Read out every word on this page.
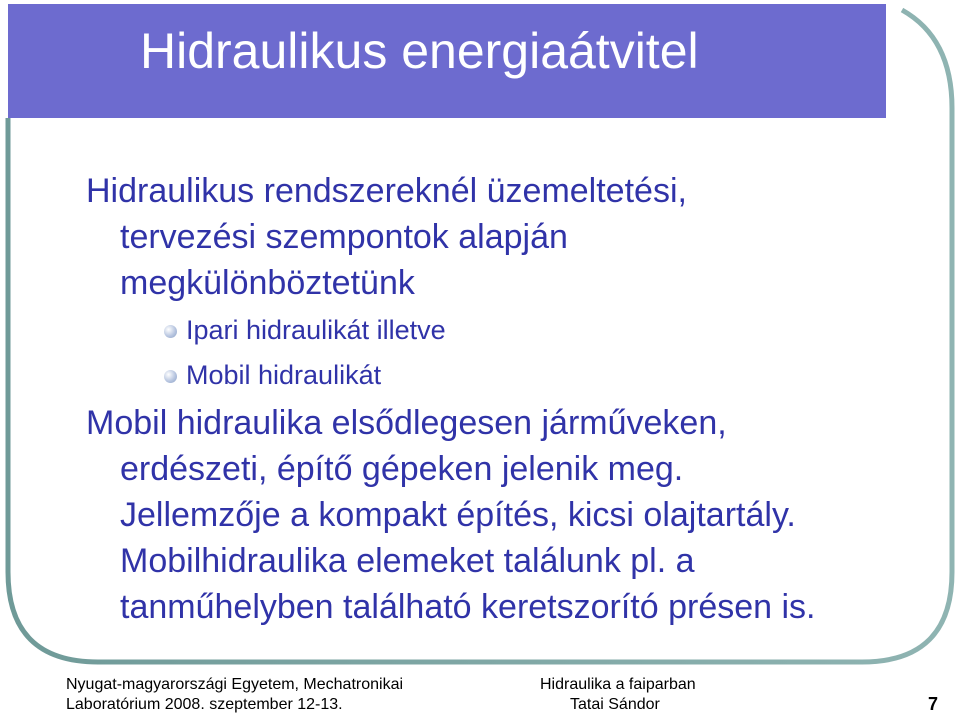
Hidraulikus energiaátvitel

Hidraulikus rendszereknél üzemeltetési,
tervezési szempontok alapján
megkülönböztetünk

Ipari hidraulikát illetve
Mobil hidraulikát

Mobil hidraulika elsődlegesen járműveken,
erdészeti, építő gépeken jelenik meg.
Jellemzője a kompakt építés, kicsi olajtartály.
Mobilhidraulika elemeket találunk pl. a
tanműhelyben található keretszorító présen is.

Nyugat-magyarországi Egyetem, Mechatronikai
Laboratórium 2008. szeptember 12-13.
Hidraulika a faiparban
Tatai Sándor	7
